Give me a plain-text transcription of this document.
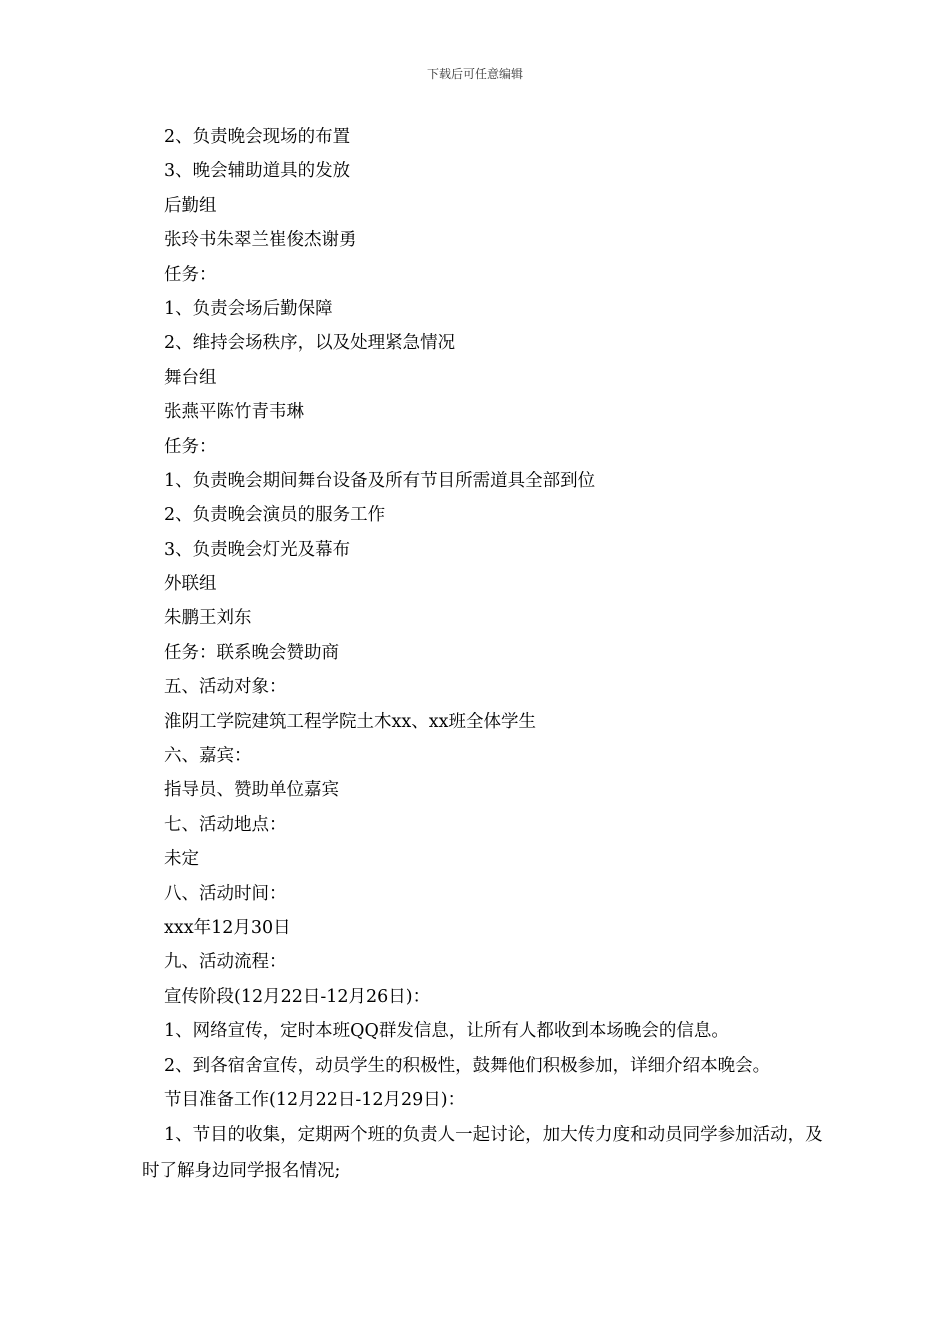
下载后可任意编辑
2、负责晚会现场的布置
3、晚会辅助道具的发放
后勤组
张玲书朱翠兰崔俊杰谢勇
任务：
1、负责会场后勤保障
2、维持会场秩序，以及处理紧急情况
舞台组
张燕平陈竹青韦琳
任务：
1、负责晚会期间舞台设备及所有节目所需道具全部到位
2、负责晚会演员的服务工作
3、负责晚会灯光及幕布
外联组
朱鹏王刘东
任务：联系晚会赞助商
五、活动对象：
淮阴工学院建筑工程学院土木xx、xx班全体学生
六、嘉宾：
指导员、赞助单位嘉宾
七、活动地点：
未定
八、活动时间：
xxx年12月30日
九、活动流程：
宣传阶段(12月22日-12月26日)：
1、网络宣传，定时本班QQ群发信息，让所有人都收到本场晚会的信息。
2、到各宿舍宣传，动员学生的积极性，鼓舞他们积极参加，详细介绍本晚会。
节目准备工作(12月22日-12月29日)：
1、节目的收集，定期两个班的负责人一起讨论，加大传力度和动员同学参加活动，及时了解身边同学报名情况;
